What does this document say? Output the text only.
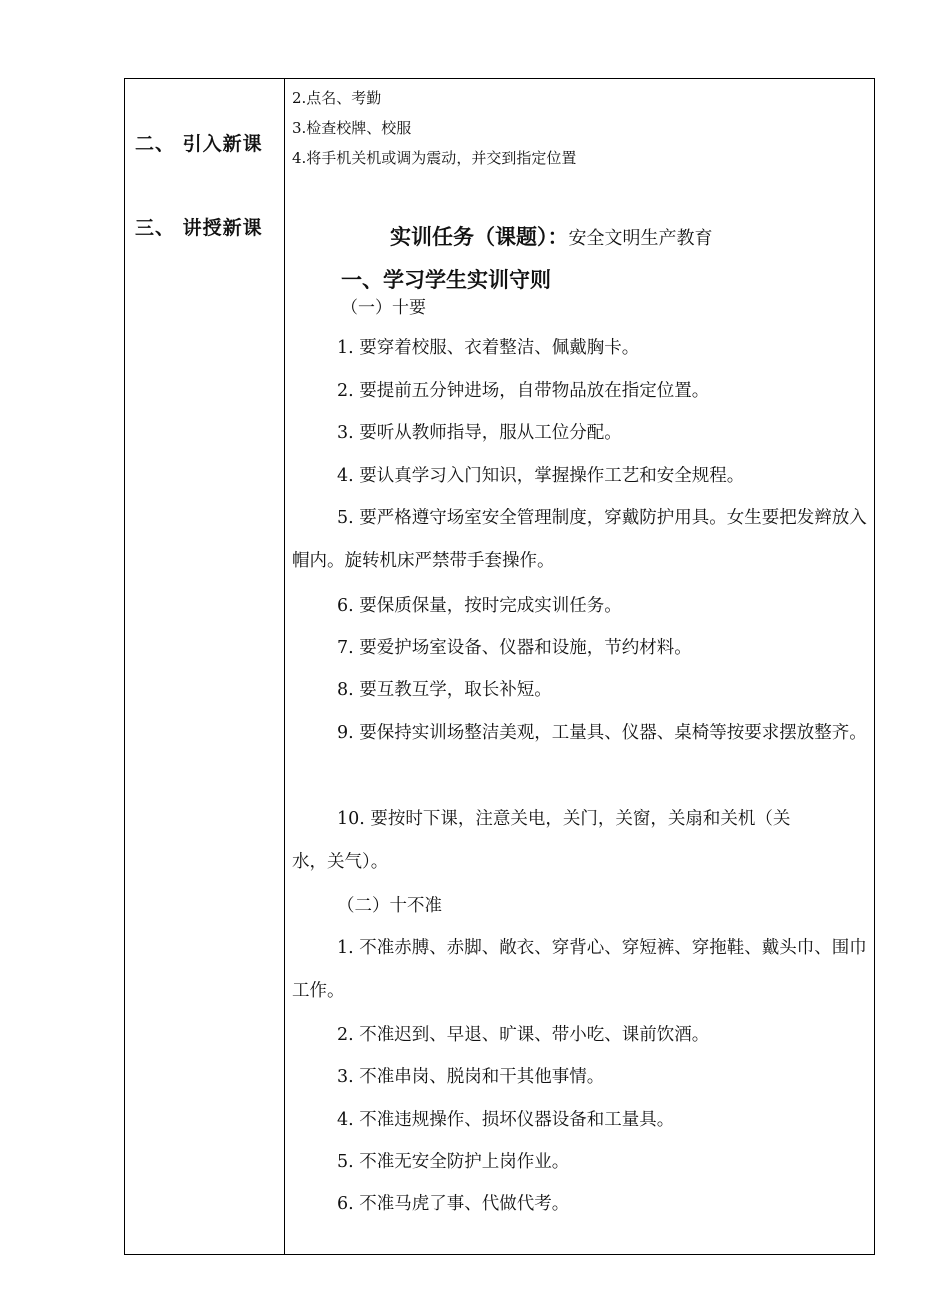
二、 引入新课
三、 讲授新课
2.点名、考勤
3.检查校牌、校服
4.将手机关机或调为震动，并交到指定位置
实训任务（课题）：安全文明生产教育
一、学习学生实训守则
（一）十要
1. 要穿着校服、衣着整洁、佩戴胸卡。
2. 要提前五分钟进场，自带物品放在指定位置。
3. 要听从教师指导，服从工位分配。
4. 要认真学习入门知识，掌握操作工艺和安全规程。
5. 要严格遵守场室安全管理制度，穿戴防护用具。女生要把发辫放入帽内。旋转机床严禁带手套操作。
6. 要保质保量，按时完成实训任务。
7. 要爱护场室设备、仪器和设施，节约材料。
8. 要互教互学，取长补短。
9. 要保持实训场整洁美观，工量具、仪器、桌椅等按要求摆放整齐。
10. 要按时下课，注意关电，关门，关窗，关扇和关机（关水，关气）。
（二）十不准
1. 不准赤膊、赤脚、敞衣、穿背心、穿短裤、穿拖鞋、戴头巾、围巾工作。
2. 不准迟到、早退、旷课、带小吃、课前饮酒。
3. 不准串岗、脱岗和干其他事情。
4. 不准违规操作、损坏仪器设备和工量具。
5. 不准无安全防护上岗作业。
6. 不准马虎了事、代做代考。
